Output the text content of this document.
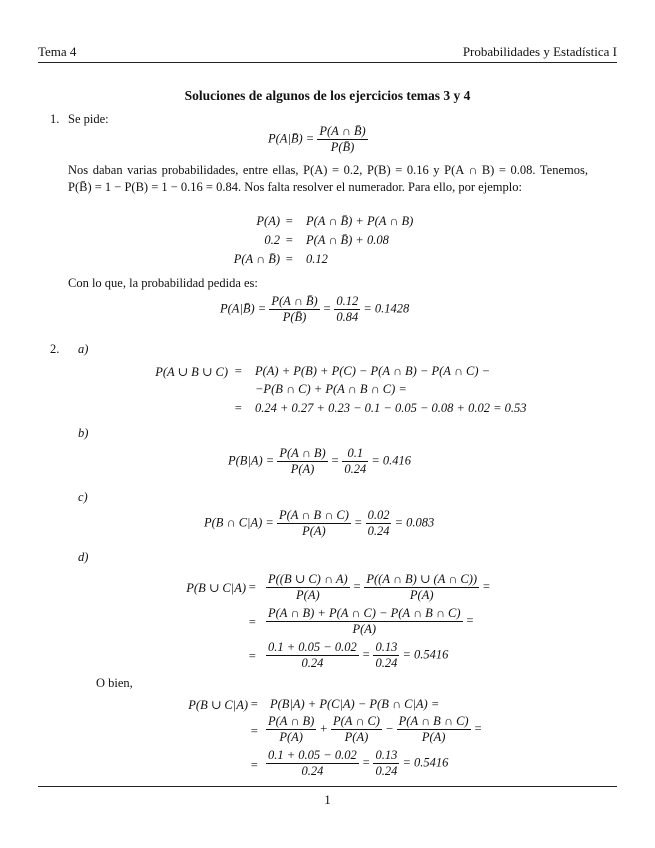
Tema 4	Probabilidades y Estadística I
Soluciones de algunos de los ejercicios temas 3 y 4
1. Se pide:
P(A|B̄) = $\frac{P(A \cap B̄)}{P(B̄)}$
Nos daban varias probabilidades, entre ellas, P(A) = 0.2, P(B) = 0.16 y P(A ∩ B) = 0.08. Tenemos, P(B̄) = 1 − P(B) = 1 − 0.16 = 0.84. Nos falta resolver el numerador. Para ello, por ejemplo:
P(A) = P(A ∩ B̄) + P(A ∩ B)
0.2 = P(A ∩ B̄) + 0.08
P(A ∩ B̄) = 0.12
Con lo que, la probabilidad pedida es:
P(A|B̄) = $\frac{P(A \cap B̄)}{P(B̄)} = \frac{0.12}{0.84} = 0.1428$
2. a)
P(A ∪ B ∪ C) = P(A) + P(B) + P(C) − P(A ∩ B) − P(A ∩ C) −
−P(B ∩ C) + P(A ∩ B ∩ C) =
= 0.24 + 0.27 + 0.23 − 0.1 − 0.05 − 0.08 + 0.02 = 0.53
b)
$P(B|A) = \frac{P(A \cap B)}{P(A)} = \frac{0.1}{0.24} = 0.416$
c)
P(B ∩ $C|A) = \frac{P(A \cap B \cap C)}{P(A)} = \frac{0.02}{0.24} = 0.083$
d)
P(B ∪ $C|A) = \frac{P((B \cup C) \cap A)}{P(A)} = \frac{P((A \cap B) \cup (A \cap C))}{P(A)}$ =
= $\frac{P(A \cap B) + P(A \cap C) - P(A \cap B \cap C)}{P(A)}$ =
= $\frac{0.1 + 0.05 - 0.02}{0.24} = \frac{0.13}{0.24} = 0.5416$
O bien,
P(B ∪ C|A) = P(B|A) + P(C|A) − P(B ∩ C|A) =
= $\frac{P(A \cap B)}{P(A)} + \frac{P(A \cap C)}{P(A)} - \frac{P(A \cap B \cap C)}{P(A)}$ =
= $\frac{0.1 + 0.05 - 0.02}{0.24} = \frac{0.13}{0.24} = 0.5416$
1
